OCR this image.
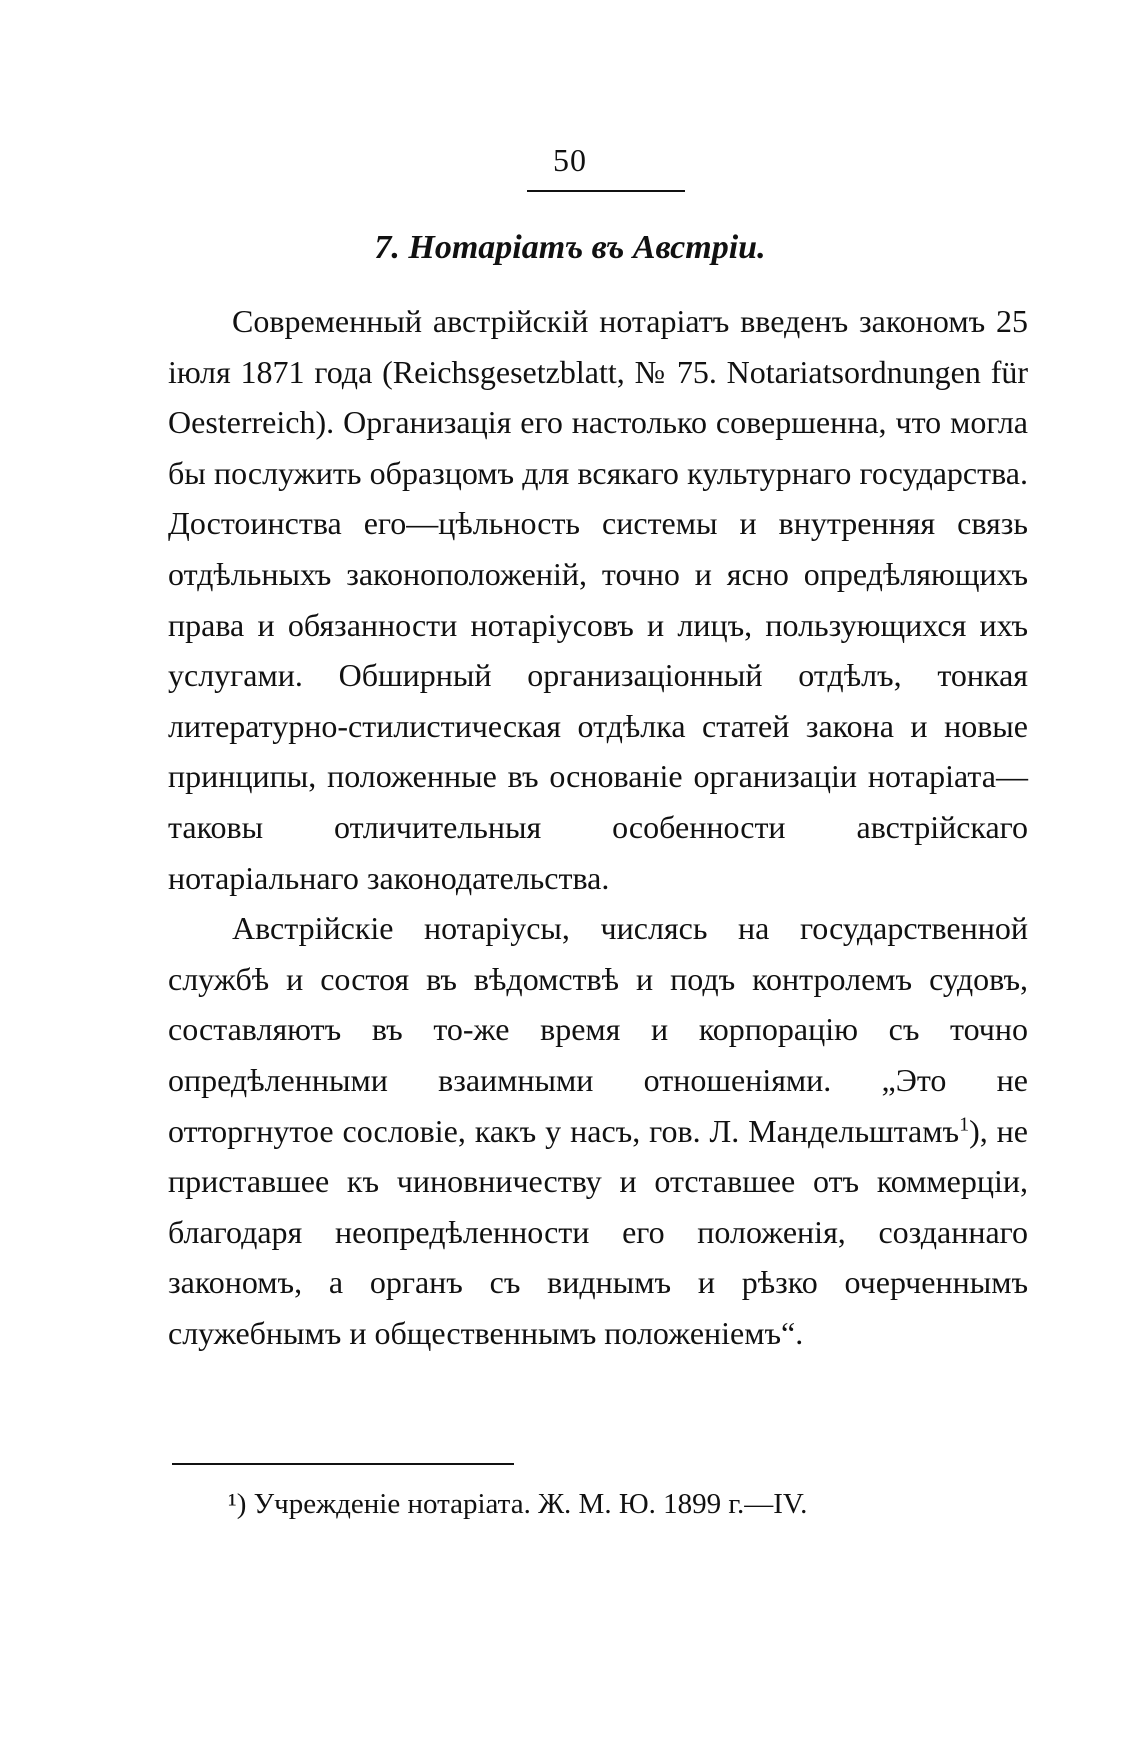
50
7. Нотаріатъ въ Австріи.

Современный австрійскій нотаріатъ введенъ закономъ 25 іюля 1871 года (Reichsgesetzblatt, № 75. Notariatsordnungen für Oesterreich). Организація его настолько совершенна, что могла бы послужить образцомъ для всякаго культурнаго государства. Достоинства его—цѣльность системы и внутренняя связь отдѣльныхъ законоположеній, точно и ясно опредѣляющихъ права и обязанности нотаріусовъ и лицъ, пользующихся ихъ услугами. Обширный организаціонный отдѣлъ, тонкая литературно-стилистическая отдѣлка статей закона и новые принципы, положенные въ основаніе организаціи нотаріата—таковы отличительныя особенности австрійскаго нотаріальнаго законодательства.

Австрійскіе нотаріусы, числясь на государственной службѣ и состоя въ вѣдомствѣ и подъ контролемъ судовъ, составляютъ въ то-же время и корпорацію съ точно опредѣленными взаимными отношеніями. „Это не отторгнутое сословіе, какъ у насъ, гов. Л. Мандельштамъ$^1$), не приставшее къ чиновничеству и отставшее отъ коммерціи, благодаря неопредѣленности его положенія, созданнаго закономъ, а органъ съ виднымъ и рѣзко очерченнымъ служебнымъ и общественнымъ положеніемъ“.

¹) Учрежденіе нотаріата. Ж. М. Ю. 1899 г.—IV.
